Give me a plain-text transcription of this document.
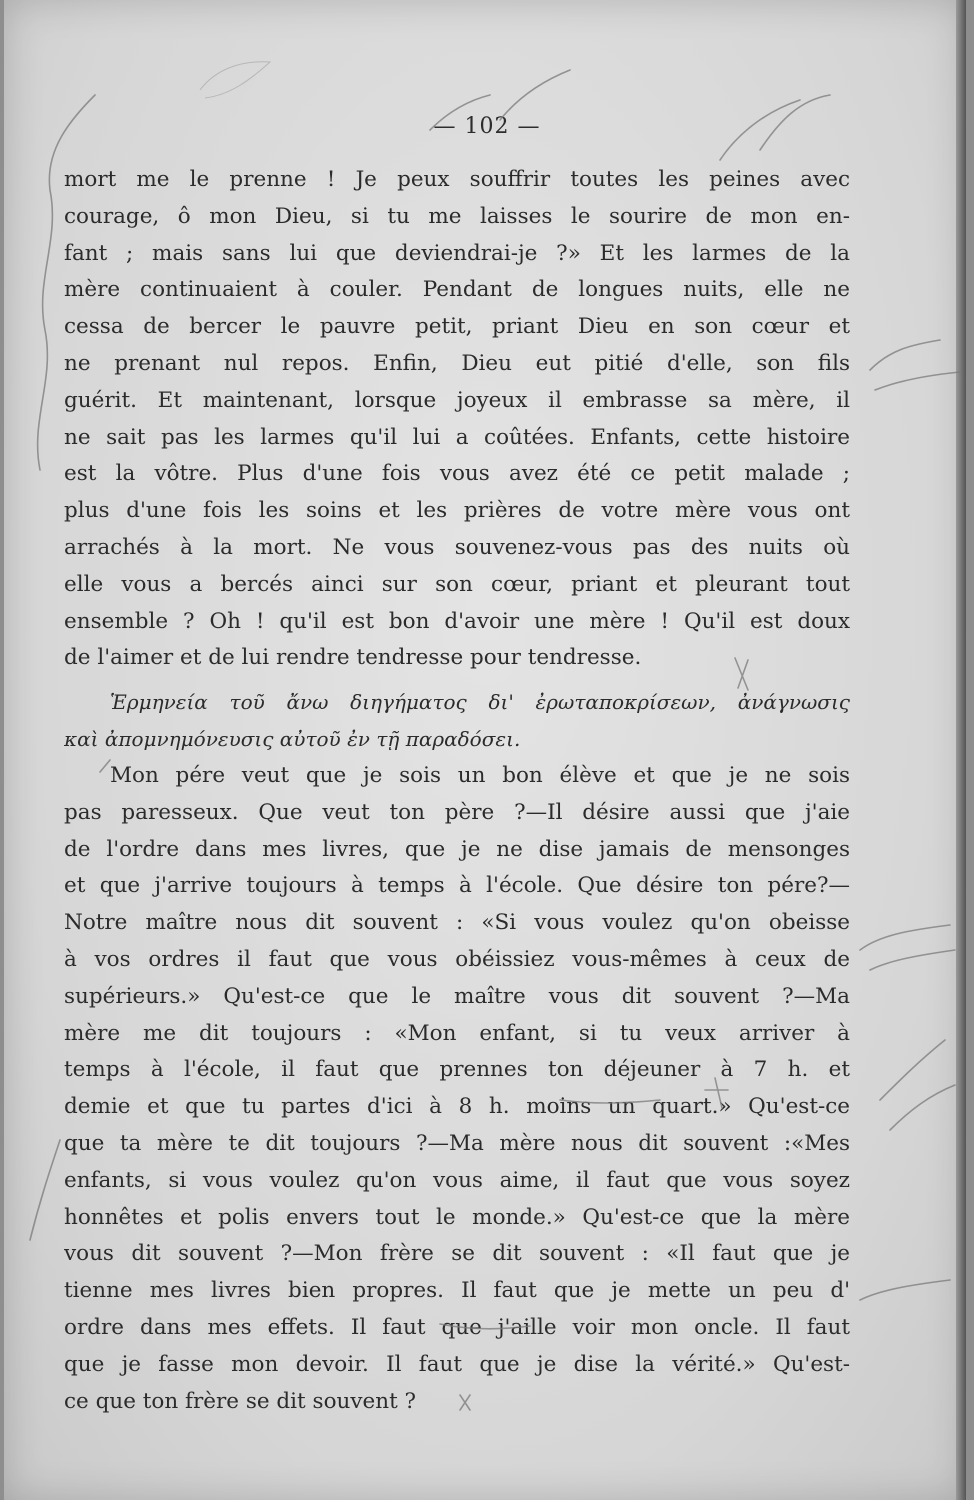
— 102 —
mort me le prenne ! Je peux souffrir toutes les peines avec
courage, ô mon Dieu, si tu me laisses le sourire de mon en-
fant ; mais sans lui que deviendrai-je ?» Et les larmes de la
mère continuaient à couler. Pendant de longues nuits, elle ne
cessa de bercer le pauvre petit, priant Dieu en son cœur et
ne prenant nul repos. Enfin, Dieu eut pitié d'elle, son fils
guérit. Et maintenant, lorsque joyeux il embrasse sa mère, il
ne sait pas les larmes qu'il lui a coûtées. Enfants, cette histoire
est la vôtre. Plus d'une fois vous avez été ce petit malade ;
plus d'une fois les soins et les prières de votre mère vous ont
arrachés à la mort. Ne vous souvenez-vous pas des nuits où
elle vous a bercés ainci sur son cœur, priant et pleurant tout
ensemble ? Oh ! qu'il est bon d'avoir une mère ! Qu'il est doux
de l'aimer et de lui rendre tendresse pour tendresse.
Ἑρμηνεία τοῦ ἄνω διηγήματος δι' ἐρωταποκρίσεων, ἀνάγνωσις
καὶ ἀπομνημόνευσις αὐτοῦ ἐν τῇ παραδόσει.
Mon pére veut que je sois un bon élève et que je ne sois
pas paresseux. Que veut ton père ?—Il désire aussi que j'aie
de l'ordre dans mes livres, que je ne dise jamais de mensonges
et que j'arrive toujours à temps à l'école. Que désire ton pére?—
Notre maître nous dit souvent : «Si vous voulez qu'on obeisse
à vos ordres il faut que vous obéissiez vous-mêmes à ceux de
supérieurs.» Qu'est-ce que le maître vous dit souvent ?—Ma
mère me dit toujours : «Mon enfant, si tu veux arriver à
temps à l'école, il faut que prennes ton déjeuner à 7 h. et
demie et que tu partes d'ici à 8 h. moins un quart.» Qu'est-ce
que ta mère te dit toujours ?—Ma mère nous dit souvent :«Mes
enfants, si vous voulez qu'on vous aime, il faut que vous soyez
honnêtes et polis envers tout le monde.» Qu'est-ce que la mère
vous dit souvent ?—Mon frère se dit souvent : «Il faut que je
tienne mes livres bien propres. Il faut que je mette un peu d'
ordre dans mes effets. Il faut que j'aille voir mon oncle. Il faut
que je fasse mon devoir. Il faut que je dise la vérité.» Qu'est-
ce que ton frère se dit souvent ?
